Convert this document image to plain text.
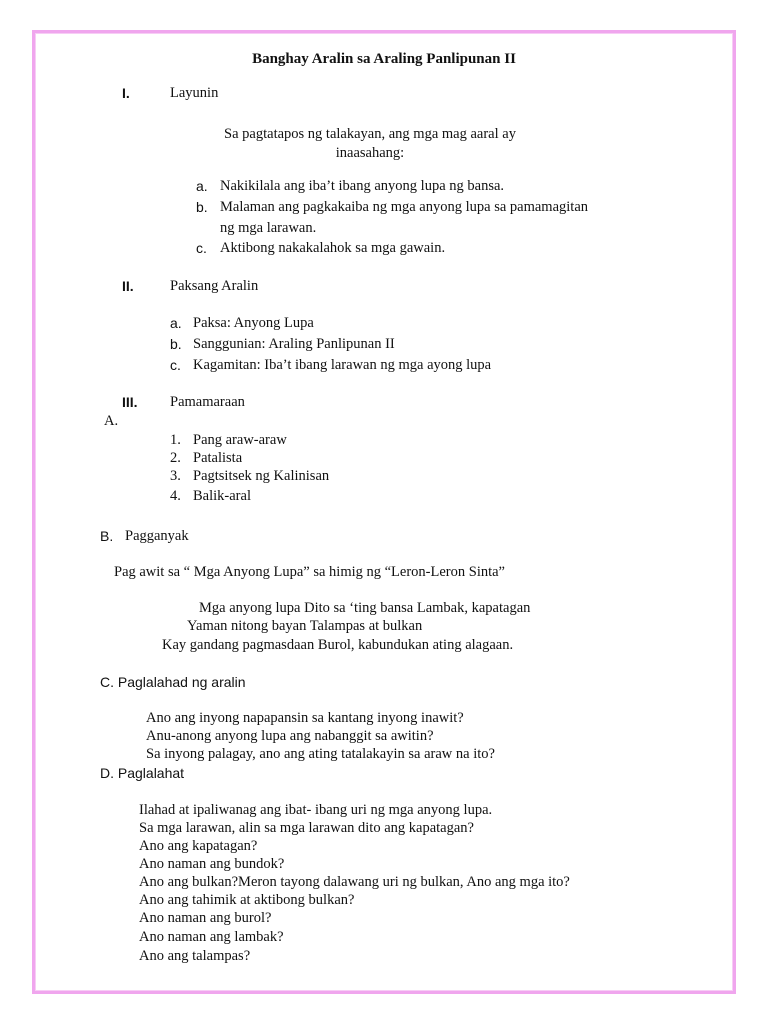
Banghay Aralin sa Araling Panlipunan II
I.	Layunin
Sa pagtatapos ng talakayan, ang mga mag aaral ay
inaasahang:
a. Nakikilala ang iba’t ibang anyong lupa ng bansa.
b. Malaman ang pagkakaiba ng mga anyong lupa sa pamamagitan
ng mga larawan.
c. Aktibong nakakalahok sa mga gawain.
II.	Paksang Aralin
a. Paksa: Anyong Lupa
b. Sanggunian: Araling Panlipunan II
c. Kagamitan: Iba’t ibang larawan ng mga ayong lupa
III. Pamamaraan
A.
1. Pang araw-araw
2. Patalista
3. Pagtsitsek ng Kalinisan
4. Balik-aral
B. Pagganyak
Pag awit sa “ Mga Anyong Lupa” sa himig ng “Leron-Leron Sinta”
Mga anyong lupa Dito sa ‘ting bansa Lambak, kapatagan
Yaman nitong bayan Talampas at bulkan
Kay gandang pagmasdaan Burol, kabundukan ating alagaan.
C. Paglalahad ng aralin
Ano ang inyong napapansin sa kantang inyong inawit?
Anu-anong anyong lupa ang nabanggit sa awitin?
Sa inyong palagay, ano ang ating tatalakayin sa araw na ito?
D. Paglalahat
Ilahad at ipaliwanag ang ibat- ibang uri ng mga anyong lupa.
Sa mga larawan, alin sa mga larawan dito ang kapatagan?
Ano ang kapatagan?
Ano naman ang bundok?
Ano ang bulkan?Meron tayong dalawang uri ng bulkan, Ano ang mga ito?
Ano ang tahimik at aktibong bulkan?
Ano naman ang burol?
Ano naman ang lambak?
Ano ang talampas?
